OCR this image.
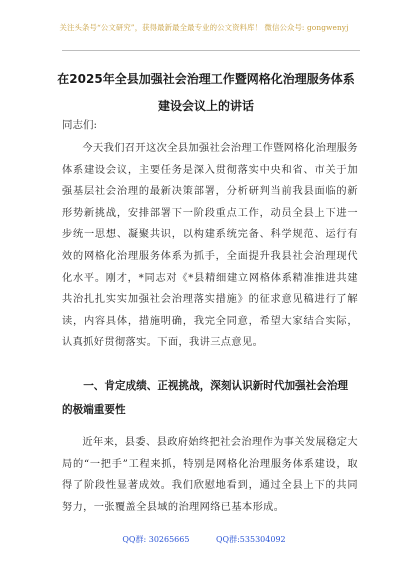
关注头条号“公文研究”，获得最新最全最专业的公文资料库！ 微信公众号: gongwenyj
在2025年全县加强社会治理工作暨网格化治理服务体系建设会议上的讲话
同志们:
今天我们召开这次全县加强社会治理工作暨网格化治理服务体系建设会议，主要任务是深入贯彻落实中央和省、市关于加强基层社会治理的最新决策部署，分析研判当前我县面临的新形势新挑战，安排部署下一阶段重点工作，动员全县上下进一步统一思想、凝聚共识，以构建系统完备、科学规范、运行有效的网格化治理服务体系为抓手，全面提升我县社会治理现代化水平。刚才，*同志对《*县精细建立网格体系精准推进共建共治扎扎实实加强社会治理落实措施》的征求意见稿进行了解读，内容具体，措施明确，我完全同意，希望大家结合实际，认真抓好贯彻落实。下面，我讲三点意见。
一、肯定成绩、正视挑战，深刻认识新时代加强社会治理的极端重要性
近年来，县委、县政府始终把社会治理作为事关发展稳定大局的“一把手”工程来抓，特别是网格化治理服务体系建设，取得了阶段性显著成效。我们欣慰地看到，通过全县上下的共同努力，一张覆盖全县域的治理网络已基本形成。
QQ群: 30265665	QQ群:535304092
